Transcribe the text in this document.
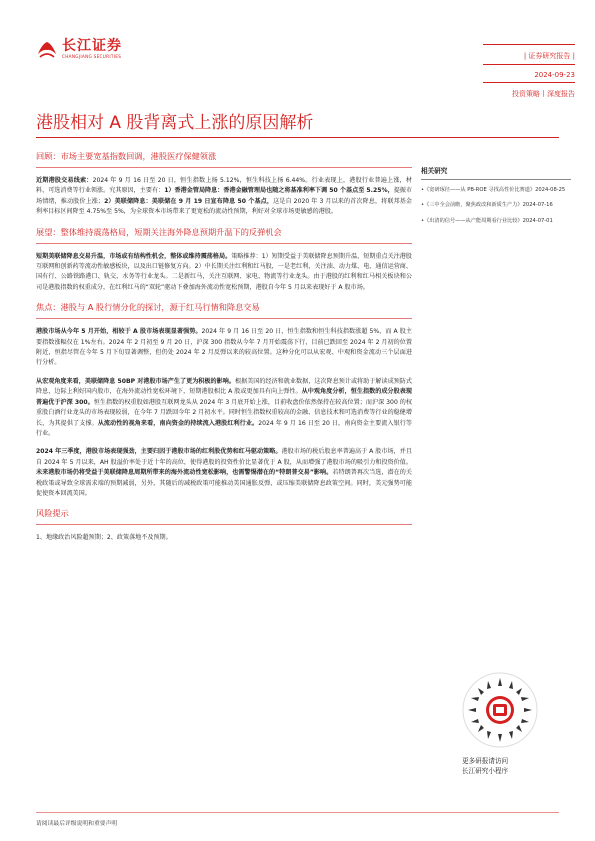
长江证券
CHANGJIANG SECURITIES	| 证券研究报告 |
2024-09-23
投资策略丨深度报告
港股相对 A 股背离式上涨的原因解析
回顾：市场主要宽基指数回调，港股医疗保健领涨
近期港股交易线索：2024 年 9 月 16 日至 20 日，恒生指数上扬 5.12%，恒生科技上扬 6.44%。行业表现上，港股行业普遍上涨，材料、可选消费等行业领涨。究其原因，主要有：1）香港金管局降息：香港金融管理局也随之将基准利率下调 50 个基点至 5.25%，提振市场情绪，推动股价上涨；2）美联储降息：美联储在 9 月 19 日宣布降息 50 个基点，这是自 2020 年 3 月以来的首次降息，将联邦基金利率目标区间降至 4.75%至 5%，为全球资本市场带来了更宽松的流动性预期，利好对全球市场更敏感的港股。
展望：整体维持震荡格局，短期关注海外降息预期升温下的反弹机会
短期美联储降息交易升温，市场或有结构性机会，整体或维持震荡格局。策略推荐：1）短期受益于美联储降息预期升温，短期重点关注港股互联网和创新药等流动性敏感板块，以及出口链修复方向。2）中长期关注红利和红马股，一是老红利，关注油、动力煤、电、通信运营商、国有行、公路铁路港口、轨交、水务等行业龙头。二是新红马，关注互联网、家电、物流等行业龙头。由于港股的红利和红马相关板块和公司是港股指数的权重成分，在红利红马的“双轮”驱动下叠加海外流动性宽松预期，港股自今年 5 月以来表现好于 A 股市场。
焦点：港股与 A 股行情分化的探讨，源于红马行情和降息交易
港股市场从今年 5 月开始，相较于 A 股市场表现显著强势。2024 年 9 月 16 日至 20 日，恒生指数和恒生科技指数涨超 5%，而 A 股主要指数涨幅仅在 1%左右。2024 年 2 月初至 9 月 20 日，沪深 300 指数从今年 7 月开始震荡下行，目前已跌回至 2024 年 2 月初的位置附近，恒指尽管在今年 5 月下旬显著调整，但仍处 2024 年 2 月反弹以来的较高位置。这种分化可以从宏观、中观和资金流动三个层面进行分析。
从宏观角度来看，美联储降息 50BP 对港股市场产生了更为积极的影响。根据美国的经济和就业数据，这次降息预计或将助于解读成预防式降息，边际上利好国内股市，在海外流动性宽松环境下，短期港股相比 A 股或更加具有向上弹性。从中观角度分析，恒生指数的成分股表现普遍优于沪深 300。恒生指数的权重股如港股互联网龙头从 2024 年 3 月底开始上涨，目前收盘价依然保持在较高位置；而沪深 300 的权重股白酒行业龙头的市场表现较弱，在今年 7 月跌回今年 2 月初水平。同时恒生指数权重较高的金融、信息技术和可选消费等行业的稳健增长，为其提供了支撑。从流动性的视角来看，南向资金的持续流入港股红利行业。2024 年 9 月 16 日至 20 日，南向资金主要流入银行等行业。
2024 年三季度，港股市场表现强劲，主要归因于港股市场的红利股优势和红马驱动策略。港股市场的税后股息率普遍高于 A 股市场，并且自 2024 年 5 月以来，AH 股溢价率处于近十年的高位，使得港股的投资性价比显著优于 A 股，从而增强了港股市场的吸引力和投资价值。未来港股市场仍将受益于美联储降息周期所带来的海外流动性宽松影响，也需警惕潜在的“特朗普交易”影响。若特朗普再次当选，潜在的关税政策或导致全球需求端的预期减弱，另外，其随后的减税政策可能推动美国通胀反弹，或压缩美联储降息政策空间。同时，美元强势可能促使资本回流美国。
风险提示
1、地缘政治风险超预期；2、政策落地不及预期。
相关研究
•《宽研琢径——从 PB-ROE 寻找高性价比赛道》2024-08-25
•《三中全会前瞻，聚焦政改和新质生产力》2024-07-16
•《出清的信号——从产能周期看行业比较》2024-07-01
更多研报请访问
长江研究小程序
请阅读最后评级说明和重要声明
